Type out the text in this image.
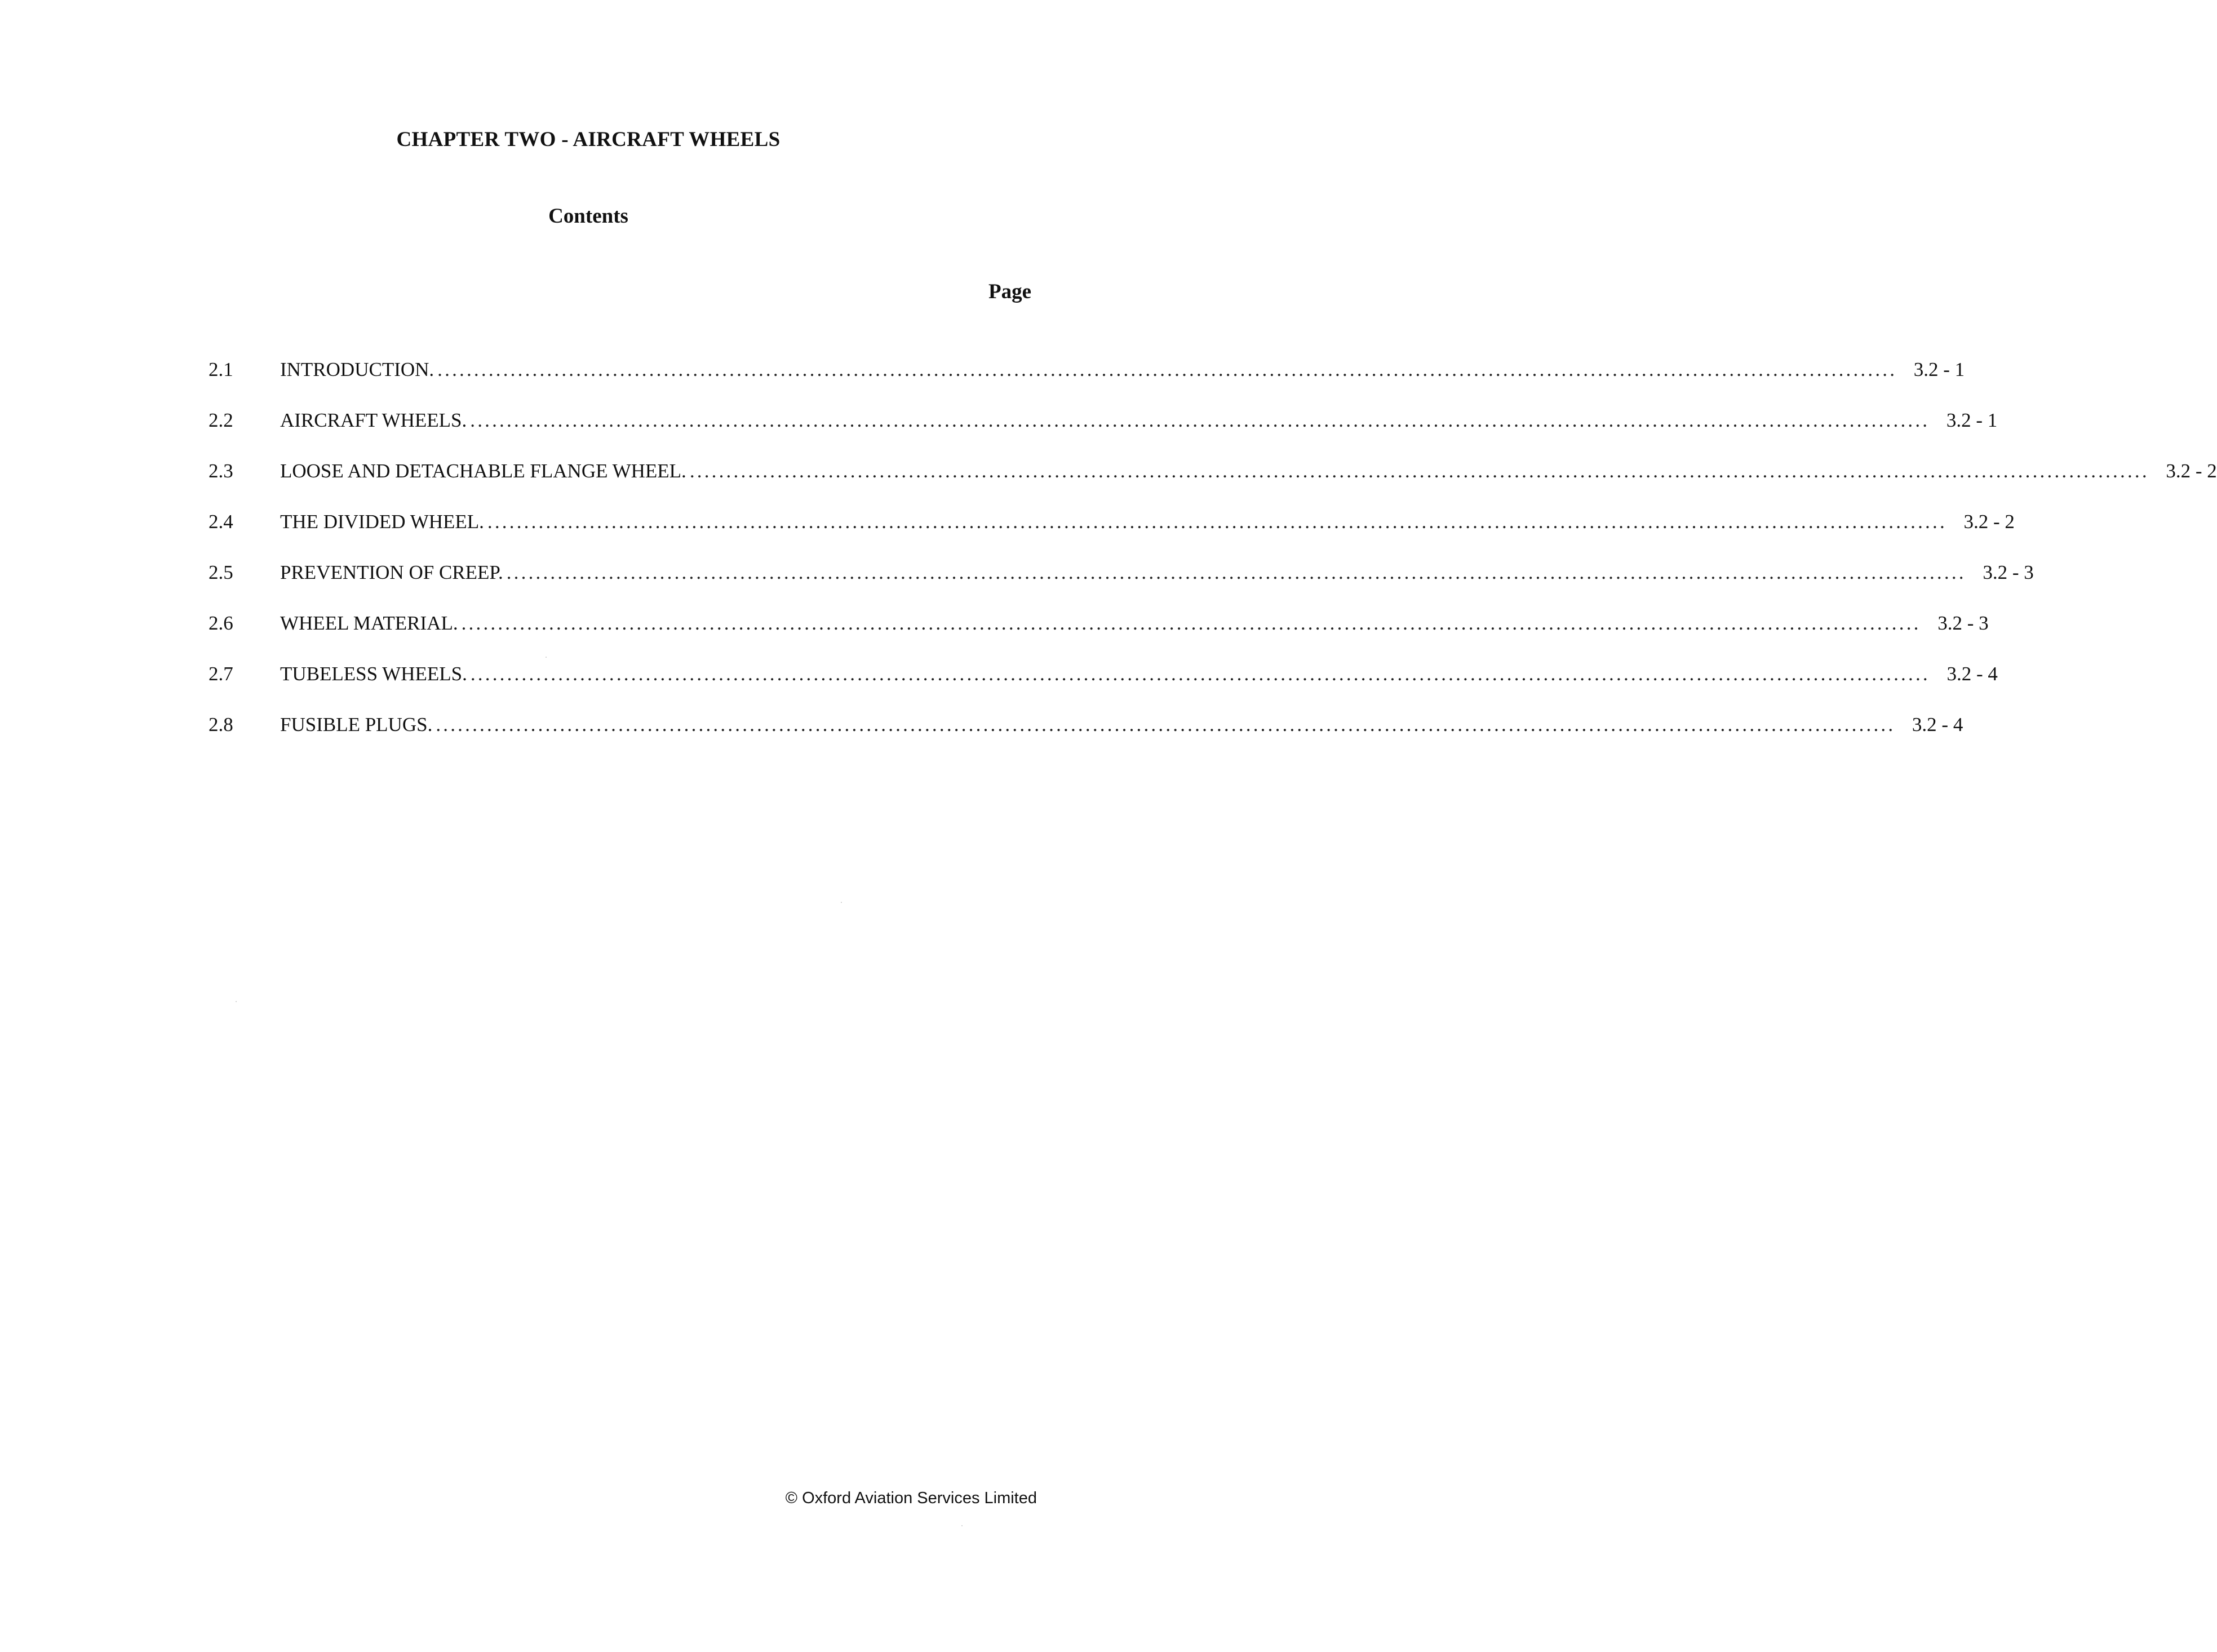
CHAPTER TWO - AIRCRAFT WHEELS
Contents
Page
2.1	INTRODUCTION. ........................................................................................................................................................................................................ 3.2 - 1
2.2	AIRCRAFT WHEELS. ........................................................................................................................................................................................................ 3.2 - 1
2.3	LOOSE AND DETACHABLE FLANGE WHEEL. ........................................................................................................................................................................................................ 3.2 - 2
2.4	THE DIVIDED WHEEL. ........................................................................................................................................................................................................ 3.2 - 2
2.5	PREVENTION OF CREEP. ........................................................................................................................................................................................................ 3.2 - 3
2.6	WHEEL MATERIAL. ........................................................................................................................................................................................................ 3.2 - 3
2.7	TUBELESS WHEELS. ........................................................................................................................................................................................................ 3.2 - 4
2.8	FUSIBLE PLUGS. ........................................................................................................................................................................................................ 3.2 - 4
© Oxford Aviation Services Limited
